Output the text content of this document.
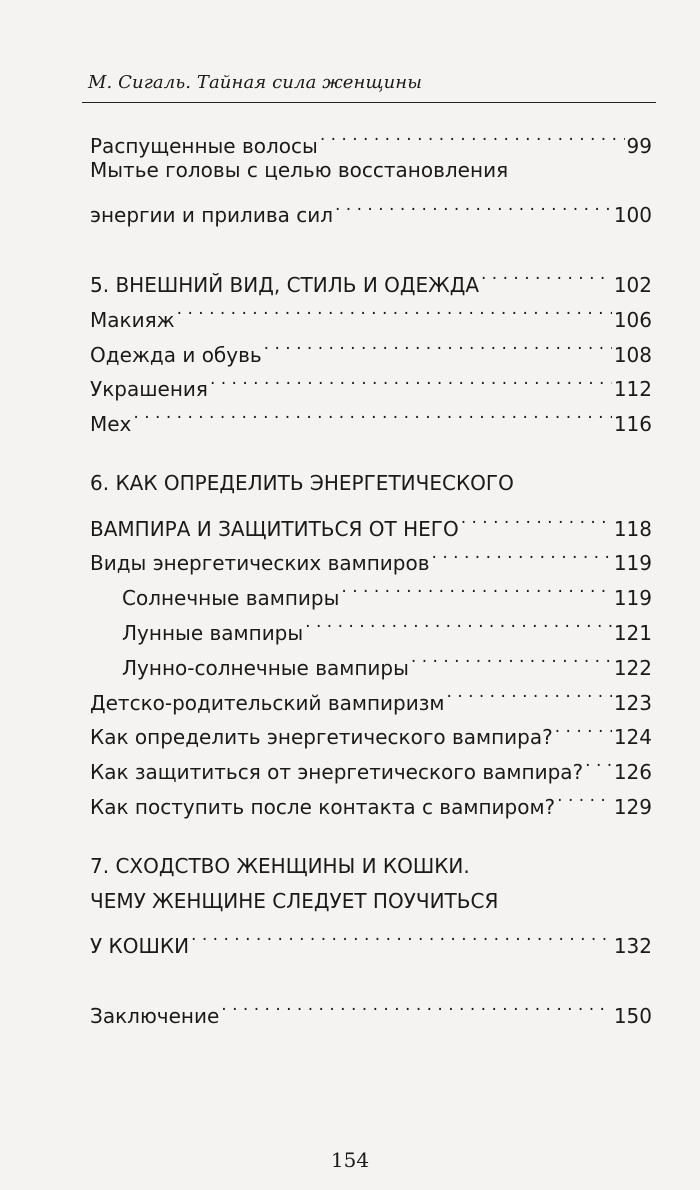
М. Сигаль. Тайная сила женщины
Распущенные волосы . . .	99
Мытье головы с целью восстановления
энергии и прилива сил . . .	100
5. ВНЕШНИЙ ВИД, СТИЛЬ И ОДЕЖДА . . .	102
Макияж . . .	106
Одежда и обувь . . .	108
Украшения . . .	112
Мех . . .	116
6. КАК ОПРЕДЕЛИТЬ ЭНЕРГЕТИЧЕСКОГО
ВАМПИРА И ЗАЩИТИТЬСЯ ОТ НЕГО . . .	118
Виды энергетических вампиров . . .	119
Солнечные вампиры . . .	119
Лунные вампиры . . .	121
Лунно-солнечные вампиры . . .	122
Детско-родительский вампиризм . . .	123
Как определить энергетического вампира? . . .	124
Как защититься от энергетического вампира? . . . 126
Как поступить после контакта с вампиром? . . .	129
7. СХОДСТВО ЖЕНЩИНЫ И КОШКИ.
ЧЕМУ ЖЕНЩИНЕ СЛЕДУЕТ ПОУЧИТЬСЯ
У КОШКИ . . .	132
Заключение . . .	150
154
